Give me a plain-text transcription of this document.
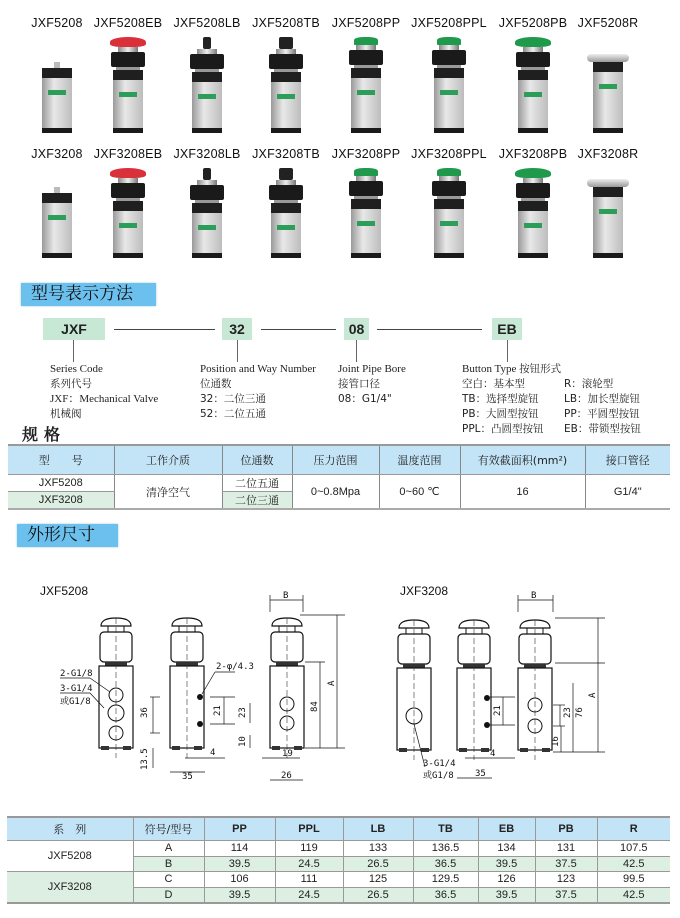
JXF5208 JXF5208EB JXF5208LB JXF5208TB JXF5208PP JXF5208PPL JXF5208PB JXF5208R
JXF3208 JXF3208EB JXF3208LB JXF3208TB JXF3208PP JXF3208PPL JXF3208PB JXF3208R
型号表示方法
JXF	32	08	EB
Series Code
系列代号
JXF：Mechanical Valve
机械阀
Position and Way Number
位通数
32：二位三通
52：二位五通
Joint Pipe Bore
接管口径
08：G1/4"
Button Type 按钮形式
空白：基本型
TB：选择型旋钮
PB：大圆型按钮
PPL：凸圆型按钮
R：滚轮型
LB：加长型旋钮
PP：平圆型按钮
EB：带锁型按钮
规格
型　　号	工作介质	位通数	压力范围	温度范围	有效截面积(mm²)	接口管径
JXF5208	清净空气	二位五通	0~0.8Mpa	0~60 ℃	16	G1/4"
JXF3208		二位三通				
外形尺寸
JXF5208
2-G1/8
3-G1/4
或G1/8
2-φ/4.3
36
13.5
35
4
21 23
10
19
26
B
84
A
JXF3208
3-G1/4
或G1/8 35
4
21	23
16
76
B
A
系　列	符号/型号	PP	PPL	LB	TB	EB	PB	R
JXF5208	A	114	119	133	136.5	134	131	107.5
	B	39.5	24.5	26.5	36.5	39.5	37.5	42.5
JXF3208	C	106	111	125	129.5	126	123	99.5
	D	39.5	24.5	26.5	36.5	39.5	37.5	42.5
